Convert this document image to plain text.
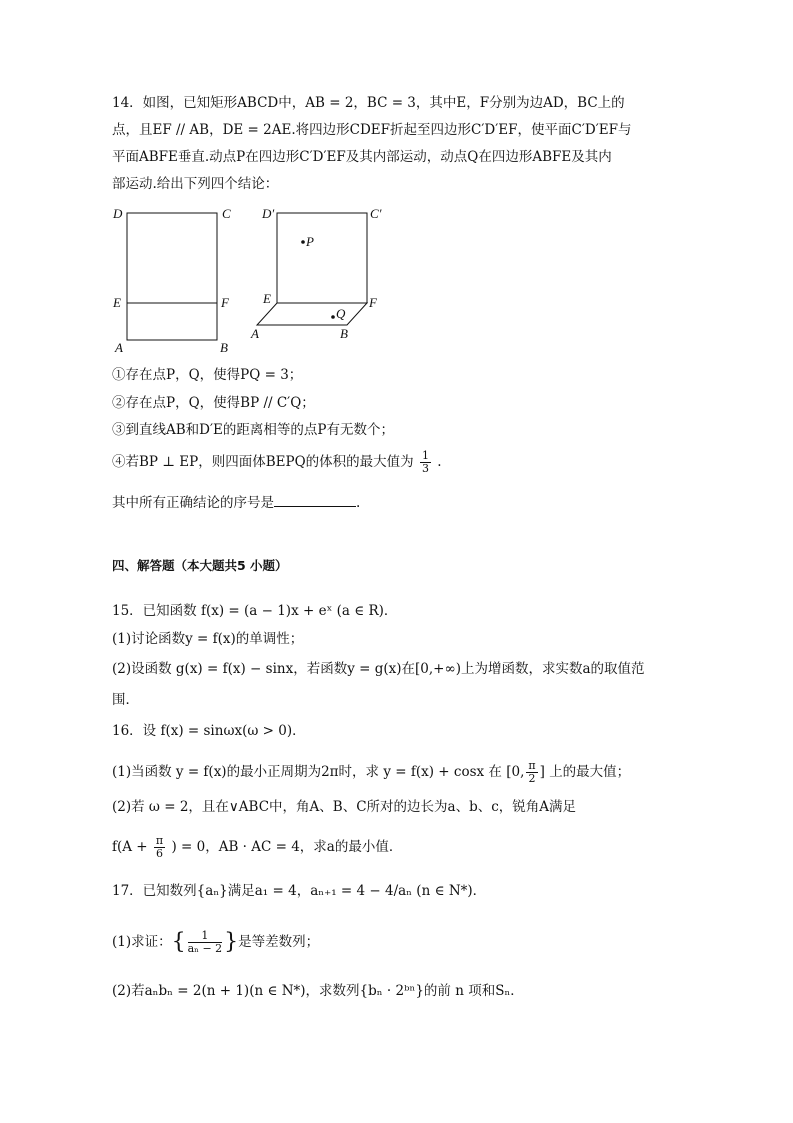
14．如图，已知矩形ABCD中，AB = 2，BC = 3，其中E，F分别为边AD，BC上的
点，且EF // AB，DE = 2AE.将四边形CDEF折起至四边形C′D′EF，使平面C′D′EF与
平面ABFE垂直.动点P在四边形C′D′EF及其内部运动，动点Q在四边形ABFE及其内
部运动.给出下列四个结论：
D	C
E	F
A	B
D′	C′
P
E	F
Q
A	B
①存在点P，Q，使得PQ = 3；
②存在点P，Q，使得BP // C′Q；
③到直线AB和D′E的距离相等的点P有无数个；
④若BP ⊥ EP，则四面体BEPQ的体积的最大值为 $\frac{1}{3}$ .
其中所有正确结论的序号是	.
四、解答题（本大题共5 小题）
15．已知函数 f(x) = (a − 1)x + eˣ (a ∈ R)．
(1)讨论函数y = f(x)的单调性；
(2)设函数 g(x) = f(x) − sinx，若函数y = g(x)在[0,+∞)上为增函数，求实数a的取值范
围．
16．设 f(x) = sinωx(ω > 0)．
(1)当函数 y = f(x)的最小正周期为2π时，求 y = f(x) + cosx 在 [0, $\frac{\pi}{2}$ ] 上的最大值；
(2)若 ω = 2，且在∨ABC中，角A、B、C所对的边长为a、b、c，锐角A满足
$f(A + \frac{\pi}{6}$ ) = 0，AB · AC = 4，求a的最小值．
17．已知数列{aₙ}满足a₁ = 4，aₙ₊₁ = 4 − 4/aₙ (n ∈ N*)．
(1)求证：{ $\frac{1}{\text{aₙ − 2}}$ }是等差数列；
(2)若aₙbₙ = 2(n + 1)(n ∈ N*)，求数列{bₙ · 2ᵇⁿ}的前 n 项和Sₙ．
